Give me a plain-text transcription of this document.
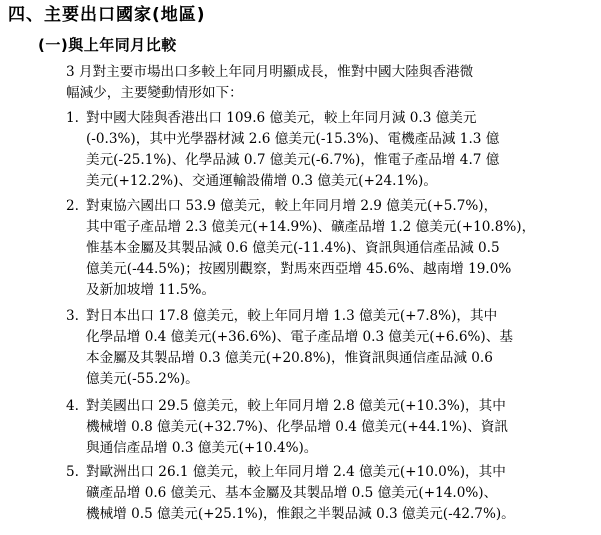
四、主要出口國家(地區)
(一)與上年同月比較

3 月對主要市場出口多較上年同月明顯成長，惟對中國大陸與香港微
幅減少，主要變動情形如下：

1. 對中國大陸與香港出口 109.6 億美元，較上年同月減 0.3 億美元
(-0.3%)，其中光學器材減 2.6 億美元(-15.3%)、電機產品減 1.3 億
美元(-25.1%)、化學品減 0.7 億美元(-6.7%)，惟電子產品增 4.7 億
美元(+12.2%)、交通運輸設備增 0.3 億美元(+24.1%)。
2. 對東協六國出口 53.9 億美元，較上年同月增 2.9 億美元(+5.7%)，
其中電子產品增 2.3 億美元(+14.9%)、礦產品增 1.2 億美元(+10.8%)，
惟基本金屬及其製品減 0.6 億美元(-11.4%)、資訊與通信產品減 0.5
億美元(-44.5%)；按國別觀察，對馬來西亞增 45.6%、越南增 19.0%
及新加坡增 11.5%。
3. 對日本出口 17.8 億美元，較上年同月增 1.3 億美元(+7.8%)，其中
化學品增 0.4 億美元(+36.6%)、電子產品增 0.3 億美元(+6.6%)、基
本金屬及其製品增 0.3 億美元(+20.8%)，惟資訊與通信產品減 0.6
億美元(-55.2%)。
4. 對美國出口 29.5 億美元，較上年同月增 2.8 億美元(+10.3%)，其中
機械增 0.8 億美元(+32.7%)、化學品增 0.4 億美元(+44.1%)、資訊
與通信產品增 0.3 億美元(+10.4%)。
5. 對歐洲出口 26.1 億美元，較上年同月增 2.4 億美元(+10.0%)，其中
礦產品增 0.6 億美元、基本金屬及其製品增 0.5 億美元(+14.0%)、
機械增 0.5 億美元(+25.1%)，惟銀之半製品減 0.3 億美元(-42.7%)。
